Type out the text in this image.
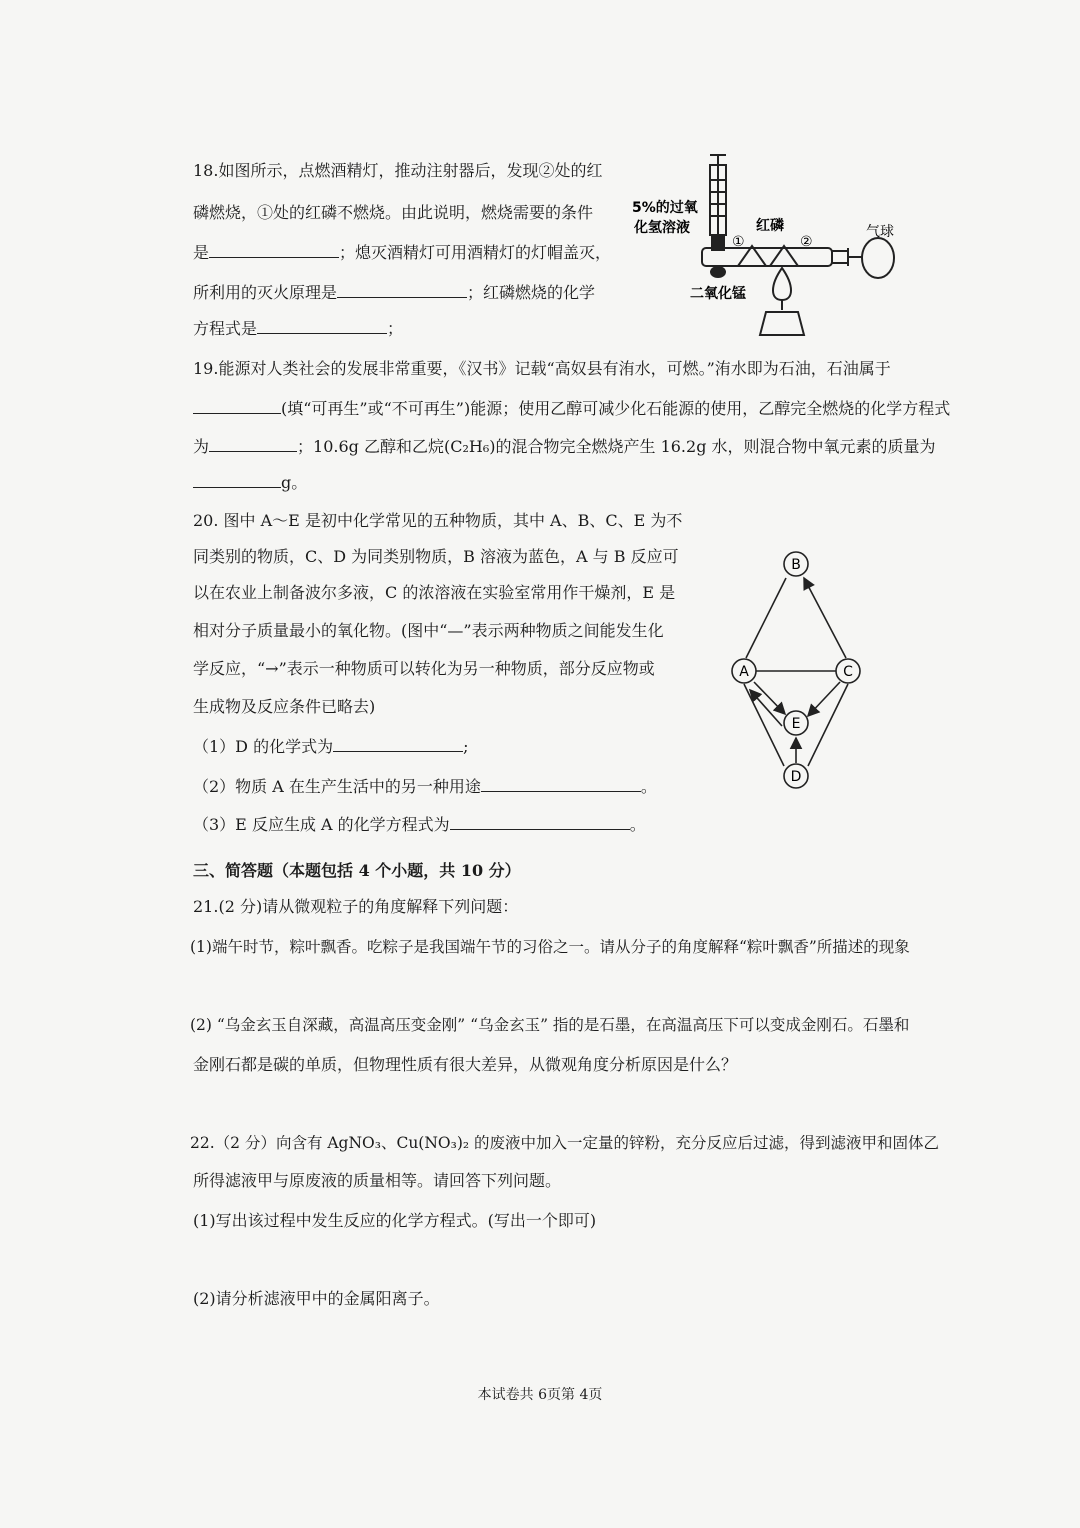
18.如图所示，点燃酒精灯，推动注射器后，发现②处的红
磷燃烧，①处的红磷不燃烧。由此说明，燃烧需要的条件
是	；熄灭酒精灯可用酒精灯的灯帽盖灭，
所利用的灭火原理是	；红磷燃烧的化学
方程式是	；
5%的过氧
化氢溶液	红磷
①	②
气球
二氧化锰
19.能源对人类社会的发展非常重要，《汉书》记载“高奴县有洧水，可燃。”洧水即为石油，石油属于
(填“可再生”或“不可再生”)能源；使用乙醇可减少化石能源的使用，乙醇完全燃烧的化学方程式
为	；10.6g 乙醇和乙烷(C₂H₆)的混合物完全燃烧产生 16.2g 水，则混合物中氧元素的质量为
g。
20. 图中 A～E 是初中化学常见的五种物质，其中 A、B、C、E 为不
同类别的物质，C、D 为同类别物质，B 溶液为蓝色，A 与 B 反应可
以在农业上制备波尔多液，C 的浓溶液在实验室常用作干燥剂，E 是
相对分子质量最小的氧化物。(图中“—”表示两种物质之间能发生化
学反应，“→”表示一种物质可以转化为另一种物质，部分反应物或
生成物及反应条件已略去)
（1）D 的化学式为	;
（2）物质 A 在生产生活中的另一种用途	。
（3）E 反应生成 A 的化学方程式为	。
B
A	C
E
D
三、简答题（本题包括 4 个小题，共 10 分）
21.(2 分)请从微观粒子的角度解释下列问题：
(1)端午时节，粽叶飘香。吃粽子是我国端午节的习俗之一。请从分子的角度解释“粽叶飘香”所描述的现象
(2) “乌金玄玉自深藏，高温高压变金刚” “乌金玄玉” 指的是石墨，在高温高压下可以变成金刚石。石墨和
金刚石都是碳的单质，但物理性质有很大差异，从微观角度分析原因是什么？
22.（2 分）向含有 AgNO₃、Cu(NO₃)₂ 的废液中加入一定量的锌粉，充分反应后过滤，得到滤液甲和固体乙
所得滤液甲与原废液的质量相等。请回答下列问题。
(1)写出该过程中发生反应的化学方程式。(写出一个即可)
(2)请分析滤液甲中的金属阳离子。
本试卷共 6页第 4页
